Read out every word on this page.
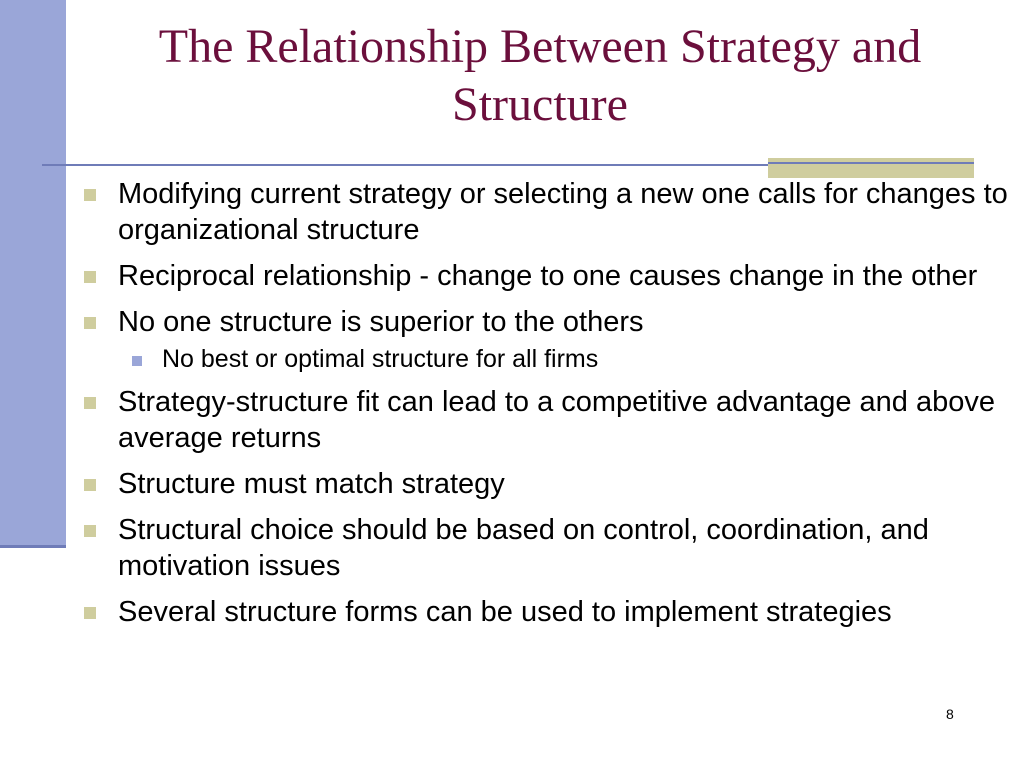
The Relationship Between Strategy and
Structure
Modifying current strategy or selecting a new one calls for changes to organizational structure
Reciprocal relationship - change to one causes change in the other
No one structure is superior to the others
No best or optimal structure for all firms
Strategy-structure fit can lead to a competitive advantage and above average returns
Structure must match strategy
Structural choice should be based on control, coordination, and motivation issues
Several structure forms can be used to implement strategies
8
